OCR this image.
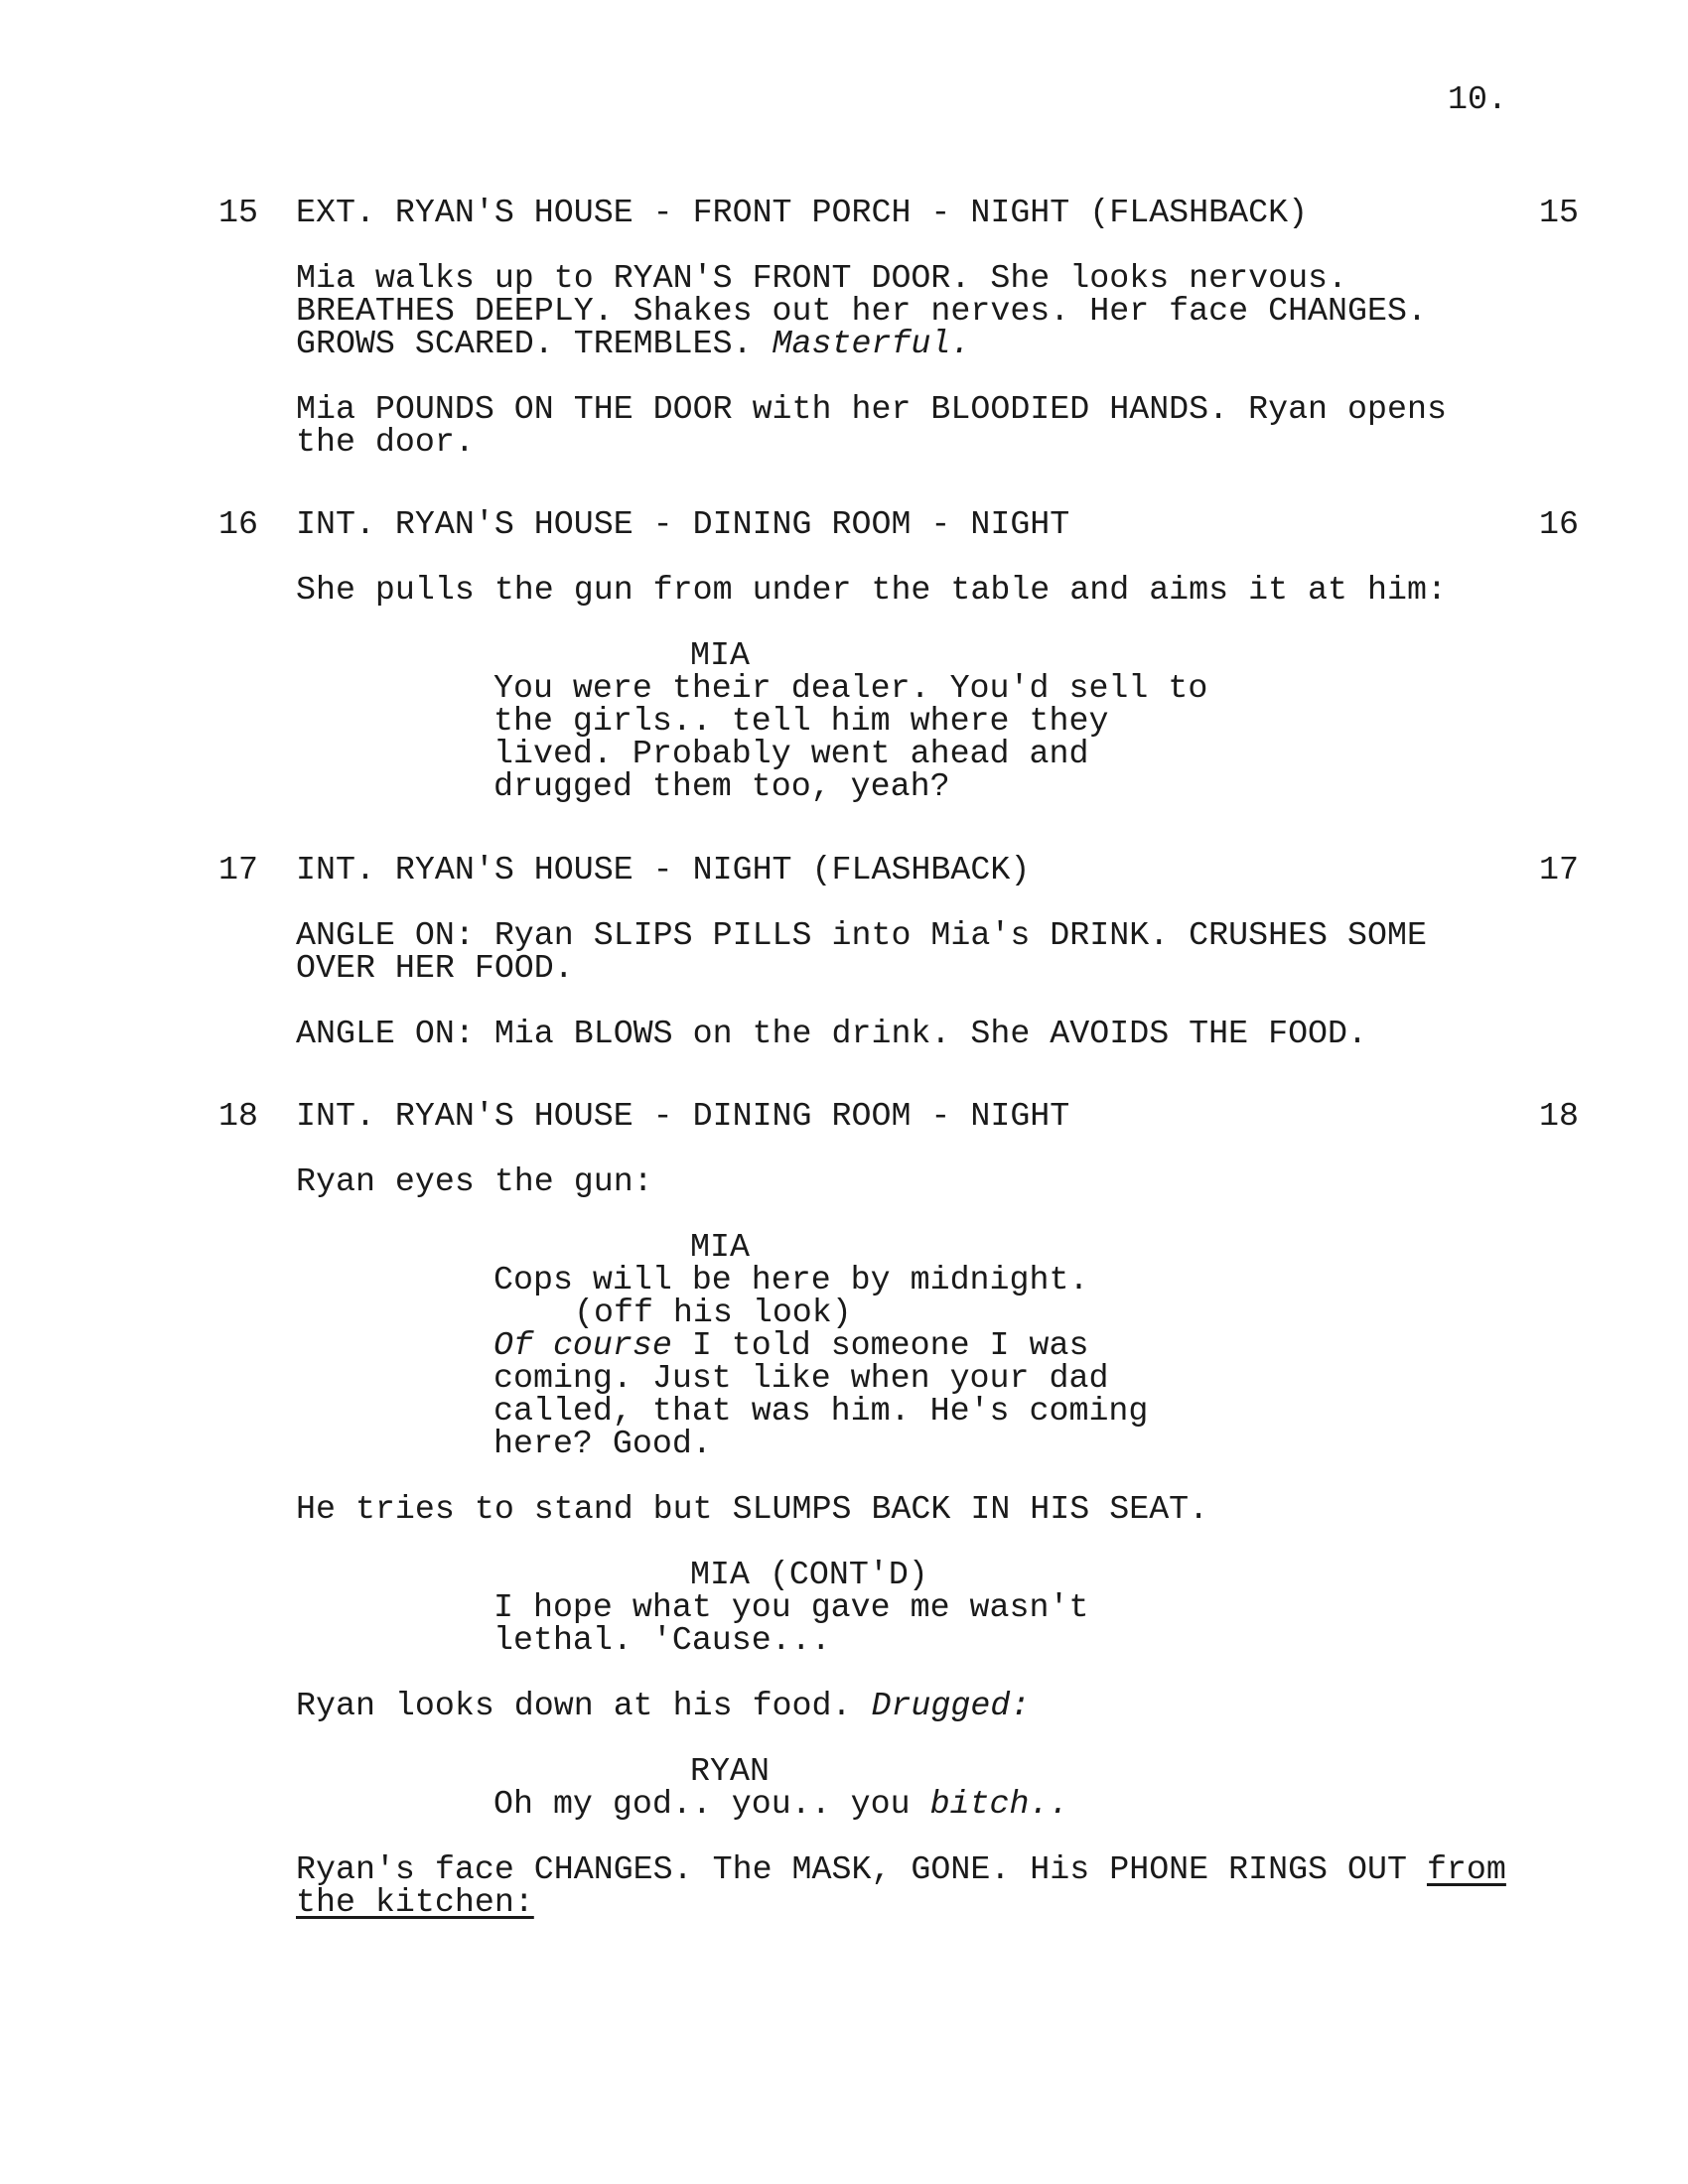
10.
15 EXT. RYAN'S HOUSE - FRONT PORCH - NIGHT (FLASHBACK)	15
Mia walks up to RYAN'S FRONT DOOR. She looks nervous.
BREATHES DEEPLY. Shakes out her nerves. Her face CHANGES.
GROWS SCARED. TREMBLES. Masterful.
Mia POUNDS ON THE DOOR with her BLOODIED HANDS. Ryan opens
the door.
16 INT. RYAN'S HOUSE - DINING ROOM - NIGHT	16
She pulls the gun from under the table and aims it at him:
MIA
You were their dealer. You'd sell to
the girls.. tell him where they
lived. Probably went ahead and
drugged them too, yeah?
17 INT. RYAN'S HOUSE - NIGHT (FLASHBACK)	17
ANGLE ON: Ryan SLIPS PILLS into Mia's DRINK. CRUSHES SOME
OVER HER FOOD.
ANGLE ON: Mia BLOWS on the drink. She AVOIDS THE FOOD.
18 INT. RYAN'S HOUSE - DINING ROOM - NIGHT	18
Ryan eyes the gun:
MIA
Cops will be here by midnight.
(off his look)
Of course I told someone I was
coming. Just like when your dad
called, that was him. He's coming
here? Good.
He tries to stand but SLUMPS BACK IN HIS SEAT.
MIA (CONT'D)
I hope what you gave me wasn't
lethal. 'Cause...
Ryan looks down at his food. Drugged:
RYAN
Oh my god.. you.. you bitch..
Ryan's face CHANGES. The MASK, GONE. His PHONE RINGS OUT from
the kitchen:
